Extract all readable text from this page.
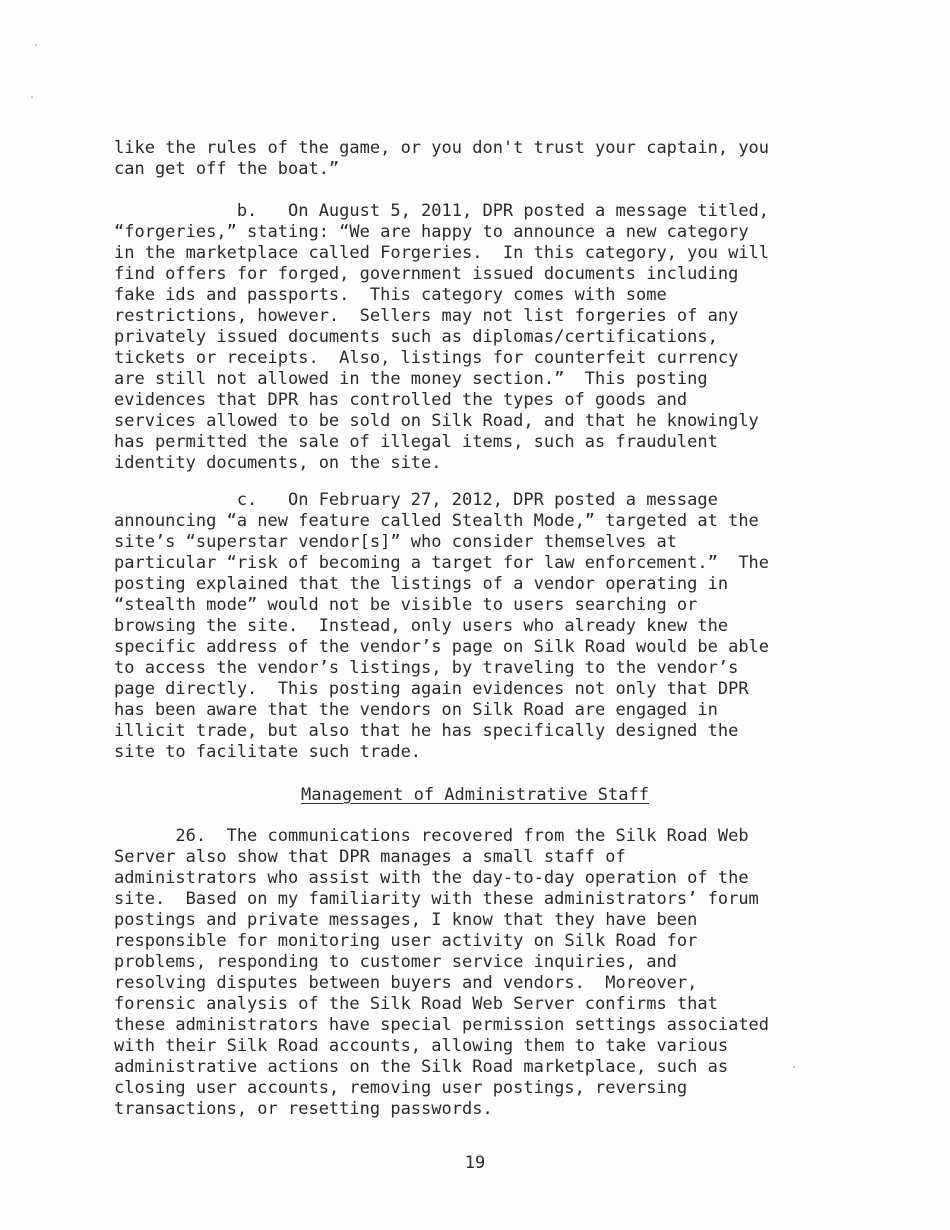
like the rules of the game, or you don't trust your captain, you
can get off the boat.”
b.   On August 5, 2011, DPR posted a message titled,
“forgeries,” stating: “We are happy to announce a new category
in the marketplace called Forgeries.  In this category, you will
find offers for forged, government issued documents including
fake ids and passports.  This category comes with some
restrictions, however.  Sellers may not list forgeries of any
privately issued documents such as diplomas/certifications,
tickets or receipts.  Also, listings for counterfeit currency
are still not allowed in the money section.”  This posting
evidences that DPR has controlled the types of goods and
services allowed to be sold on Silk Road, and that he knowingly
has permitted the sale of illegal items, such as fraudulent
identity documents, on the site.
c.   On February 27, 2012, DPR posted a message
announcing “a new feature called Stealth Mode,” targeted at the
site’s “superstar vendor[s]” who consider themselves at
particular “risk of becoming a target for law enforcement.”  The
posting explained that the listings of a vendor operating in
“stealth mode” would not be visible to users searching or
browsing the site.  Instead, only users who already knew the
specific address of the vendor’s page on Silk Road would be able
to access the vendor’s listings, by traveling to the vendor’s
page directly.  This posting again evidences not only that DPR
has been aware that the vendors on Silk Road are engaged in
illicit trade, but also that he has specifically designed the
site to facilitate such trade.
Management of Administrative Staff
26.  The communications recovered from the Silk Road Web
Server also show that DPR manages a small staff of
administrators who assist with the day-to-day operation of the
site.  Based on my familiarity with these administrators’ forum
postings and private messages, I know that they have been
responsible for monitoring user activity on Silk Road for
problems, responding to customer service inquiries, and
resolving disputes between buyers and vendors.  Moreover,
forensic analysis of the Silk Road Web Server confirms that
these administrators have special permission settings associated
with their Silk Road accounts, allowing them to take various
administrative actions on the Silk Road marketplace, such as
closing user accounts, removing user postings, reversing
transactions, or resetting passwords.
19
